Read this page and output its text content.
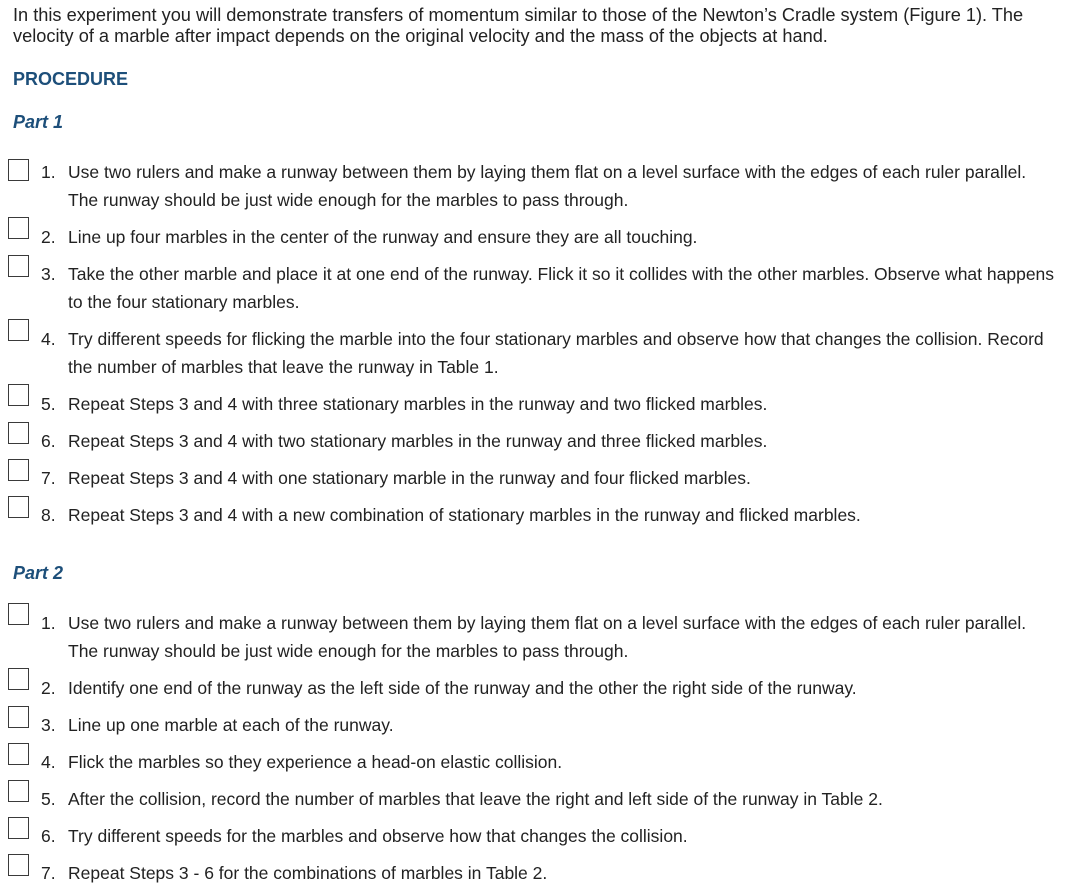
In this experiment you will demonstrate transfers of momentum similar to those of the Newton’s Cradle system (Figure 1). The velocity of a marble after impact depends on the original velocity and the mass of the objects at hand.

PROCEDURE
Part 1
1. Use two rulers and make a runway between them by laying them flat on a level surface with the edges of each ruler parallel. The runway should be just wide enough for the marbles to pass through.
2. Line up four marbles in the center of the runway and ensure they are all touching.
3. Take the other marble and place it at one end of the runway. Flick it so it collides with the other marbles. Observe what happens to the four stationary marbles.
4. Try different speeds for flicking the marble into the four stationary marbles and observe how that changes the collision. Record the number of marbles that leave the runway in Table 1.
5. Repeat Steps 3 and 4 with three stationary marbles in the runway and two flicked marbles.
6. Repeat Steps 3 and 4 with two stationary marbles in the runway and three flicked marbles.
7. Repeat Steps 3 and 4 with one stationary marble in the runway and four flicked marbles.
8. Repeat Steps 3 and 4 with a new combination of stationary marbles in the runway and flicked marbles.
Part 2
1. Use two rulers and make a runway between them by laying them flat on a level surface with the edges of each ruler parallel. The runway should be just wide enough for the marbles to pass through.
2. Identify one end of the runway as the left side of the runway and the other the right side of the runway.
3. Line up one marble at each of the runway.
4. Flick the marbles so they experience a head-on elastic collision.
5. After the collision, record the number of marbles that leave the right and left side of the runway in Table 2.
6. Try different speeds for the marbles and observe how that changes the collision.
7. Repeat Steps 3 - 6 for the combinations of marbles in Table 2.
